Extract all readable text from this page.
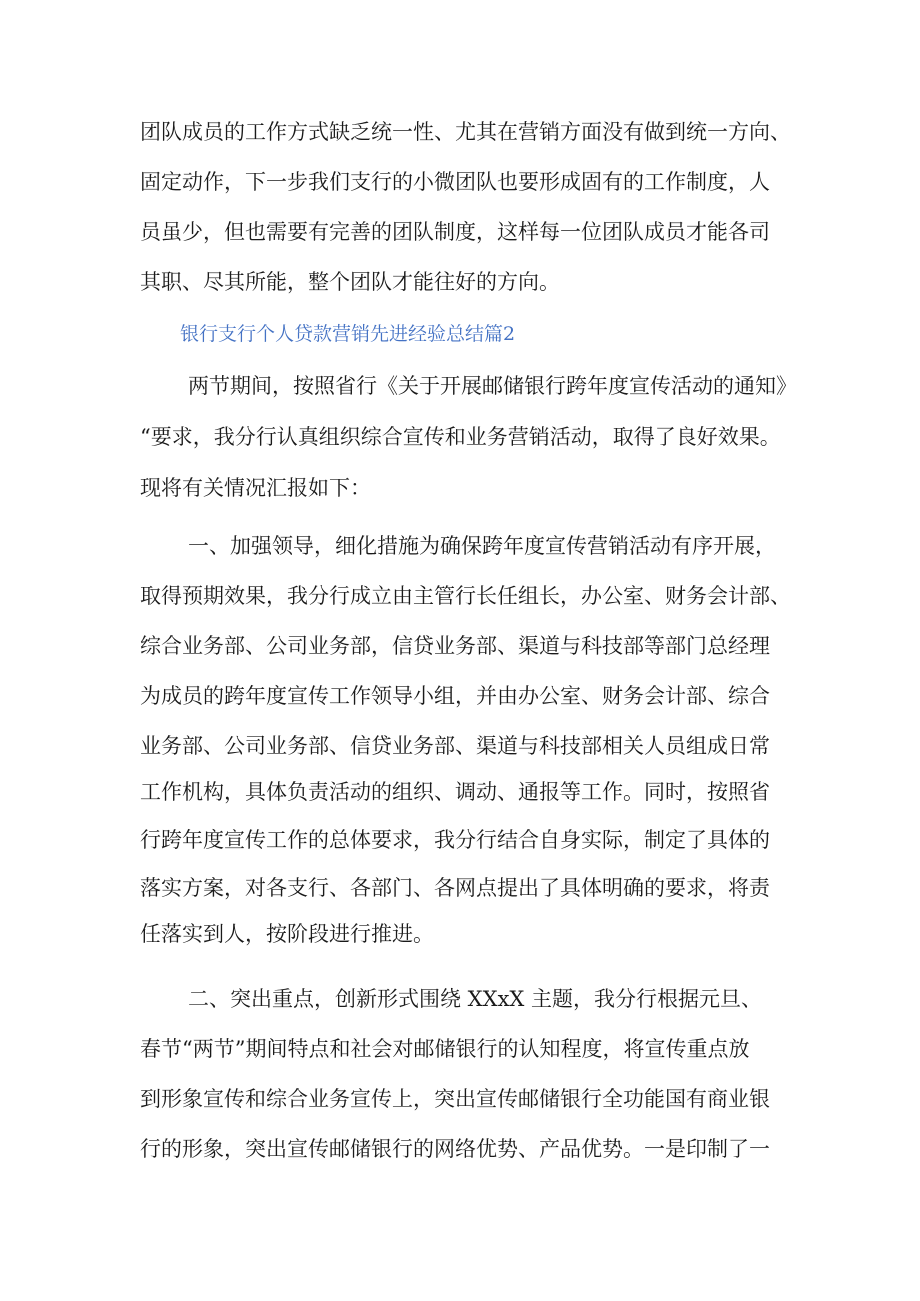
团队成员的工作方式缺乏统一性、尤其在营销方面没有做到统一方向、

固定动作，下一步我们支行的小微团队也要形成固有的工作制度，人

员虽少，但也需要有完善的团队制度，这样每一位团队成员才能各司

其职、尽其所能，整个团队才能往好的方向。

银行支行个人贷款营销先进经验总结篇2

两节期间，按照省行《关于开展邮储银行跨年度宣传活动的通知》

“要求，我分行认真组织综合宣传和业务营销活动，取得了良好效果。

现将有关情况汇报如下：

一、加强领导，细化措施为确保跨年度宣传营销活动有序开展，

取得预期效果，我分行成立由主管行长任组长，办公室、财务会计部、

综合业务部、公司业务部，信贷业务部、渠道与科技部等部门总经理

为成员的跨年度宣传工作领导小组，并由办公室、财务会计部、综合

业务部、公司业务部、信贷业务部、渠道与科技部相关人员组成日常

工作机构，具体负责活动的组织、调动、通报等工作。同时，按照省

行跨年度宣传工作的总体要求，我分行结合自身实际，制定了具体的

落实方案，对各支行、各部门、各网点提出了具体明确的要求，将责

任落实到人，按阶段进行推进。

二、突出重点，创新形式围绕 XXxX 主题，我分行根据元旦、

春节“两节”期间特点和社会对邮储银行的认知程度，将宣传重点放

到形象宣传和综合业务宣传上，突出宣传邮储银行全功能国有商业银

行的形象，突出宣传邮储银行的网络优势、产品优势。一是印制了一
